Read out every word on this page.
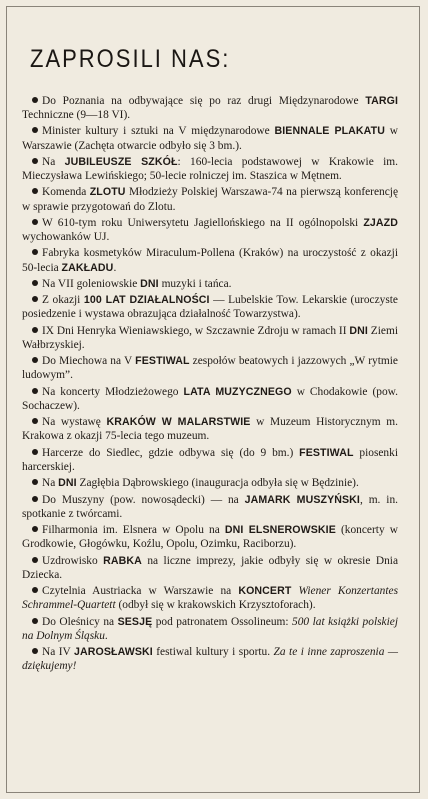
ZAPROSILI NAS:

Do Poznania na odbywające się po raz drugi Międzynarodowe TARGI Techniczne (9—18 VI).

Minister kultury i sztuki na V międzynarodowe BIENNALE PLAKATU w Warszawie (Zachęta otwarcie odbyło się 3 bm.).

Na JUBILEUSZE SZKÓŁ: 160-lecia podstawowej w Krakowie im. Mieczysława Lewińskiego; 50-lecie rolniczej im. Staszica w Mętnem.

Komenda ZLOTU Młodzieży Polskiej Warszawa-74 na pierwszą konferencję w sprawie przygotowań do Zlotu.

W 610-tym roku Uniwersytetu Jagiellońskiego na II ogólnopolski ZJAZD wychowanków UJ.

Fabryka kosmetyków Miraculum-Pollena (Kraków) na uroczystość z okazji 50-lecia ZAKŁADU.

Na VII goleniowskie DNI muzyki i tańca.

Z okazji 100 LAT DZIAŁALNOŚCI — Lubelskie Tow. Lekarskie (uroczyste posiedzenie i wystawa obrazująca działalność Towarzystwa).

IX Dni Henryka Wieniawskiego, w Szczawnie Zdroju w ramach II DNI Ziemi Wałbrzyskiej.

Do Miechowa na V FESTIWAL zespołów beatowych i jazzowych „W rytmie ludowym”.

Na koncerty Młodzieżowego LATA MUZYCZNEGO w Chodakowie (pow. Sochaczew).

Na wystawę KRAKÓW W MALARSTWIE w Muzeum Historycznym m. Krakowa z okazji 75-lecia tego muzeum.

Harcerze do Siedlec, gdzie odbywa się (do 9 bm.) FESTIWAL piosenki harcerskiej.

Na DNI Zagłębia Dąbrowskiego (inauguracja odbyła się w Będzinie).

Do Muszyny (pow. nowosądecki) — na JAMARK MUSZYŃSKI, m. in. spotkanie z twórcami.

Filharmonia im. Elsnera w Opolu na DNI ELSNEROWSKIE (koncerty w Grodkowie, Głogówku, Koźlu, Opolu, Ozimku, Raciborzu).

Uzdrowisko RABKA na liczne imprezy, jakie odbyły się w okresie Dnia Dziecka.

Czytelnia Austriacka w Warszawie na KONCERT Wiener Konzertantes Schrammel-Quartett (odbył się w krakowskich Krzysztoforach).

Do Oleśnicy na SESJĘ pod patronatem Ossolineum: 500 lat książki polskiej na Dolnym Śląsku.

Na IV JAROSŁAWSKI festiwal kultury i sportu. Za te i inne zaproszenia — dziękujemy!
